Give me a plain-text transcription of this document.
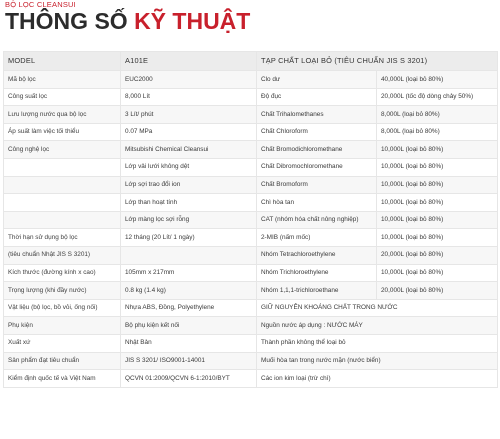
BỘ LỌC CLEANSUI
THÔNG SỐ KỸ THUẬT
MODEL	A101E	TẠP CHẤT LOẠI BỎ (TIÊU CHUẨN JIS S 3201)	
Mã bộ lọc	EUC2000	Clo dư	40,000L (loại bỏ 80%)
Công suất lọc	8,000 Lít	Độ đục	20,000L (tốc độ dòng chảy 50%)
Lưu lượng nước qua bộ lọc	3 Lít/ phút	Chất Trihalomethanes	8,000L (loại bỏ 80%)
Áp suất làm việc tối thiểu	0.07 MPa	Chất Chloroform	8,000L (loại bỏ 80%)
Công nghệ lọc	Mitsubishi Chemical Cleansui	Chất Bromodichloromethane	10,000L (loại bỏ 80%)
	Lớp vải lưới không dệt	Chất Dibromochloromethane	10,000L (loại bỏ 80%)
	Lớp sợi trao đổi ion	Chất Bromoform	10,000L (loại bỏ 80%)
	Lớp than hoạt tính	Chì hòa tan	10,000L (loại bỏ 80%)
	Lớp màng lọc sợi rỗng	CAT (nhóm hóa chất nông nghiệp)	10,000L (loại bỏ 80%)
Thời hạn sử dụng bộ lọc	12 tháng (20 Lít/ 1 ngày)	2-MIB (nấm mốc)	10,000L (loại bỏ 80%)
(tiêu chuẩn Nhật JIS S 3201)		Nhóm Tetrachloroethylene	20,000L (loại bỏ 80%)
Kích thước (đường kính x cao)	105mm x 217mm	Nhóm Trichloroethylene	10,000L (loại bỏ 80%)
Trọng lượng (khi đầy nước)	0.8 kg (1.4 kg)	Nhóm 1,1,1-trichloroethane	20,000L (loại bỏ 80%)
Vật liệu (bộ lọc, bồ vỏi, ống nối)	Nhựa ABS, Đồng, Polyethylene	GIỮ NGUYÊN KHOÁNG CHẤT TRONG NƯỚC	
Phụ kiện	Bộ phụ kiện kết nối	Nguồn nước áp dụng : NƯỚC MÁY	
Xuất xứ	Nhật Bản	Thành phần không thể loại bỏ	
Sản phẩm đạt tiêu chuẩn	JIS S 3201/ ISO9001-14001	Muối hòa tan trong nước mặn (nước biển)	
Kiểm định quốc tế và Việt Nam	QCVN 01:2009/QCVN 6-1:2010/BYT	Các ion kim loại (trừ chì)	
